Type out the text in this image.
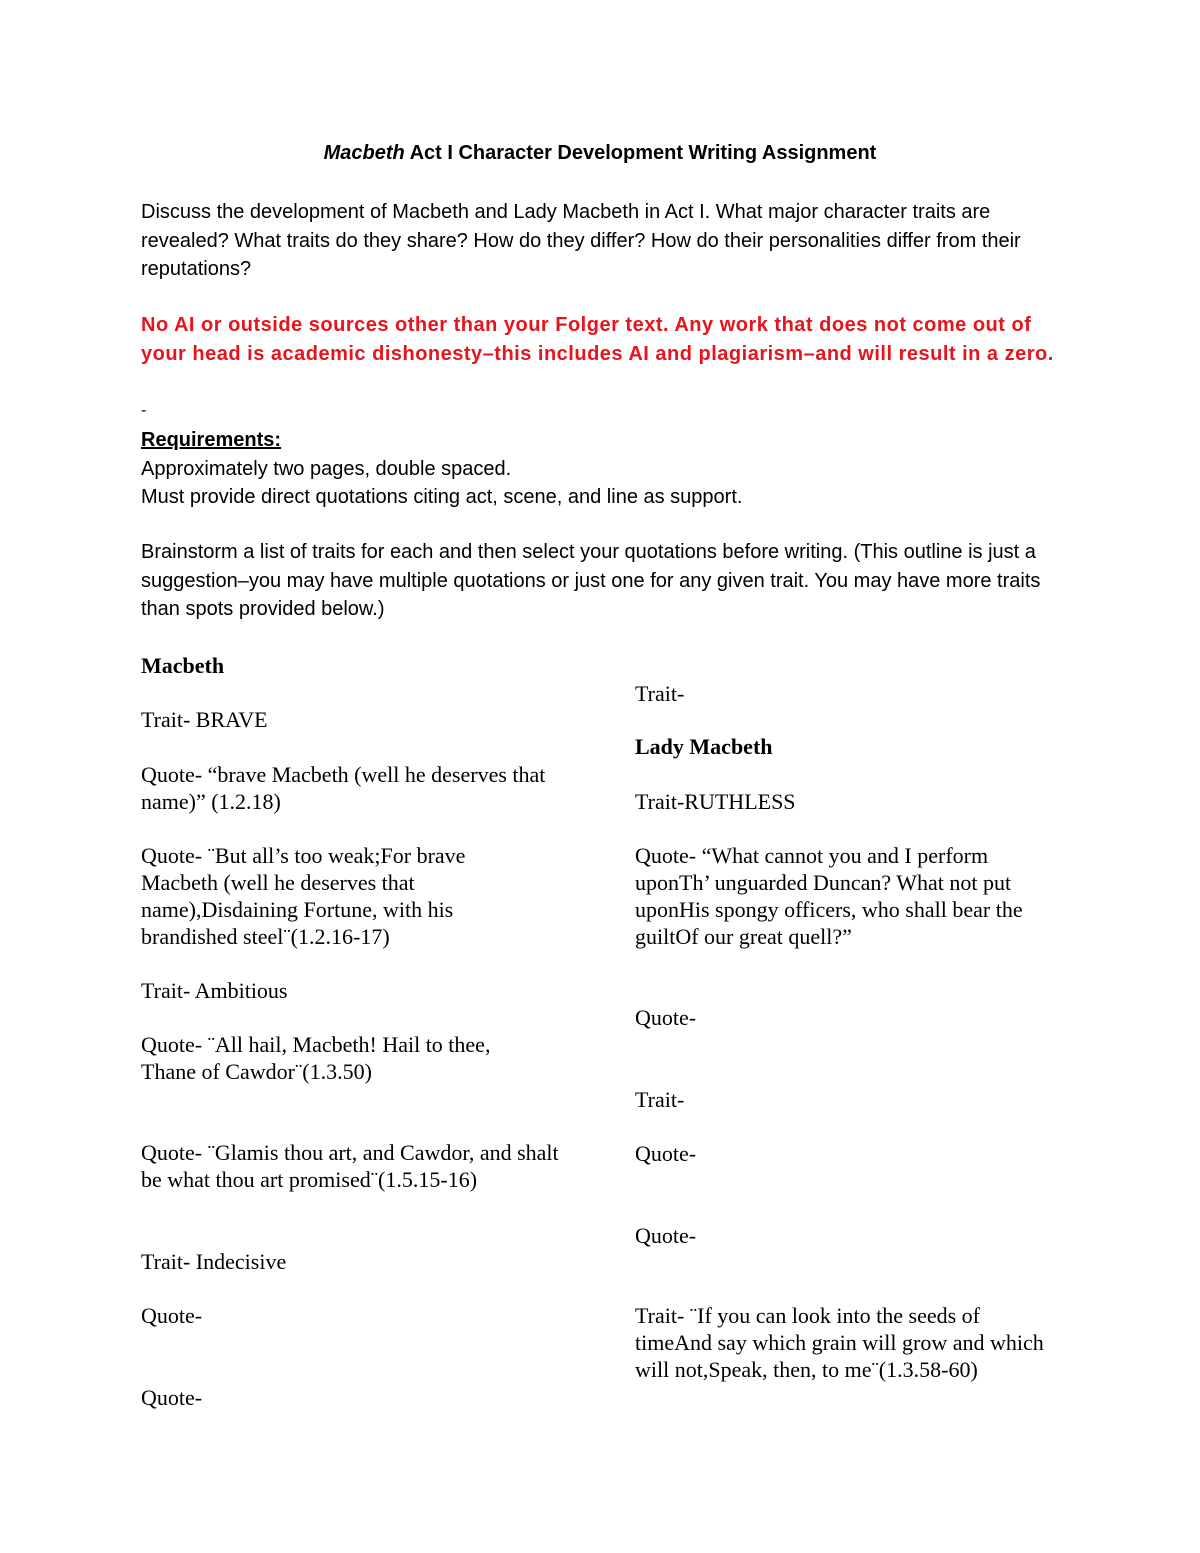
Macbeth Act I Character Development Writing Assignment

Discuss the development of Macbeth and Lady Macbeth in Act I. What major character traits are revealed? What traits do they share? How do they differ? How do their personalities differ from their reputations?

No AI or outside sources other than your Folger text. Any work that does not come out of your head is academic dishonesty–this includes AI and plagiarism–and will result in a zero.

-
Requirements:
Approximately two pages, double spaced.
Must provide direct quotations citing act, scene, and line as support.

Brainstorm a list of traits for each and then select your quotations before writing. (This outline is just a suggestion–you may have multiple quotations or just one for any given trait. You may have more traits than spots provided below.)

Macbeth
Trait- BRAVE
Quote- “brave Macbeth (well he deserves that name)” (1.2.18)
Quote- ¨But all’s too weak;For brave Macbeth (well he deserves that name),Disdaining Fortune, with his brandished steel¨(1.2.16-17)
Trait- Ambitious
Quote- ¨All hail, Macbeth! Hail to thee, Thane of Cawdor¨(1.3.50)
Quote- ¨Glamis thou art, and Cawdor, and shalt be what thou art promised¨(1.5.15-16)
Trait- Indecisive
Quote-
Quote-
Trait-
Lady Macbeth
Trait-RUTHLESS
Quote- “What cannot you and I perform uponTh’ unguarded Duncan? What not put uponHis spongy officers, who shall bear the guiltOf our great quell?”
Quote-
Trait-
Quote-
Quote-
Trait- ¨If you can look into the seeds of timeAnd say which grain will grow and which will not,Speak, then, to me¨(1.3.58-60)
